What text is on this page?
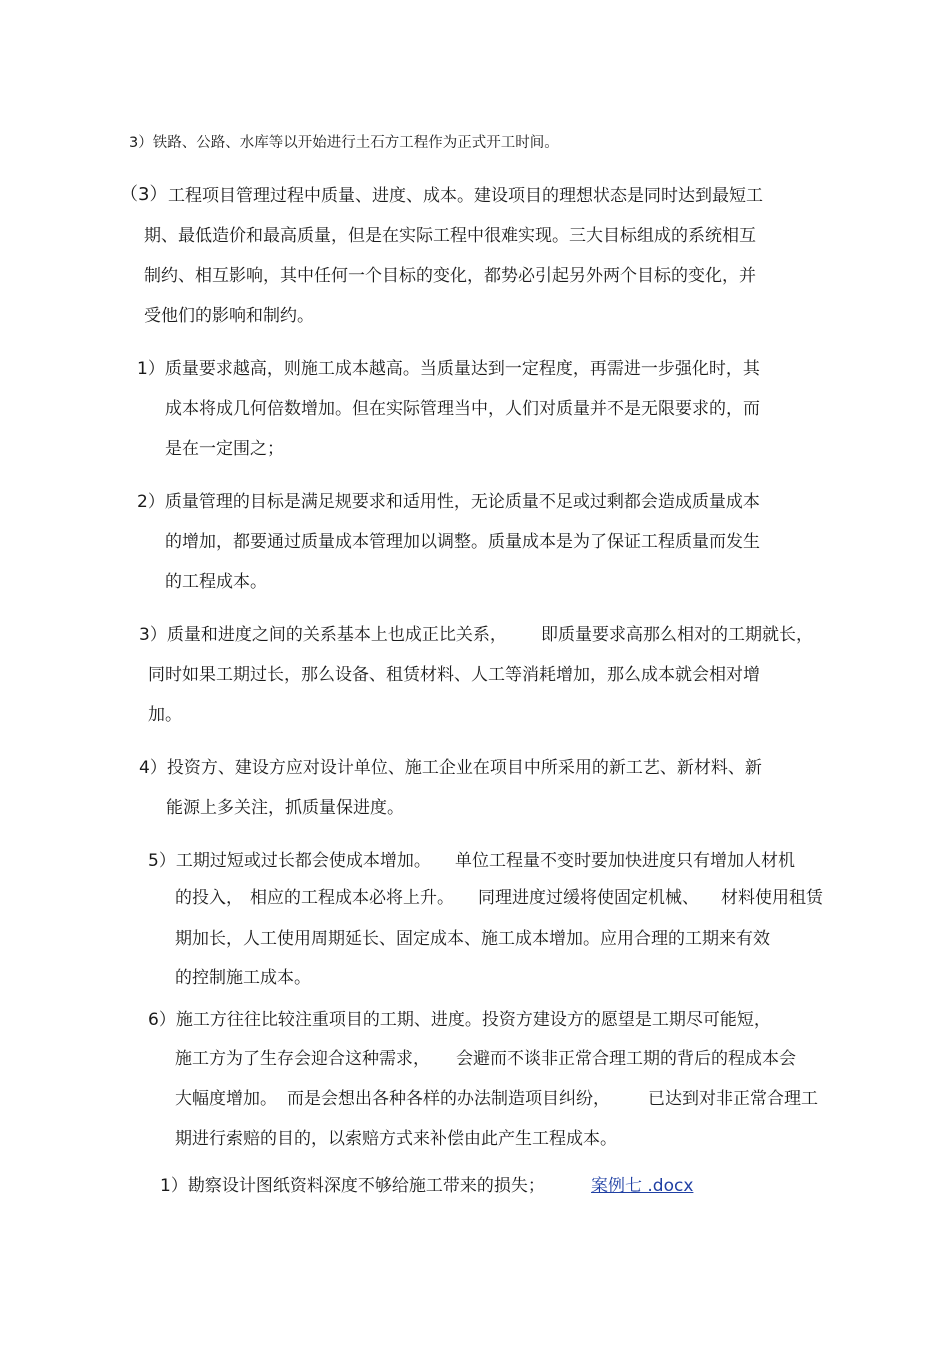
3）铁路、公路、水库等以开始进行土石方工程作为正式开工时间。
（3） 工程项目管理过程中质量、进度、成本。建设项目的理想状态是同时达到最短工
期、最低造价和最高质量，但是在实际工程中很难实现。三大目标组成的系统相互
制约、相互影响，其中任何一个目标的变化，都势必引起另外两个目标的变化，并
受他们的影响和制约。
1）质量要求越高，则施工成本越高。当质量达到一定程度，再需进一步强化时，其
成本将成几何倍数增加。但在实际管理当中，人们对质量并不是无限要求的，而
是在一定围之；
2）质量管理的目标是满足规要求和适用性，无论质量不足或过剩都会造成质量成本
的增加，都要通过质量成本管理加以调整。质量成本是为了保证工程质量而发生
的工程成本。
3）质量和进度之间的关系基本上也成正比关系， 即质量要求高那么相对的工期就长，
同时如果工期过长，那么设备、租赁材料、人工等消耗增加，那么成本就会相对增
加。
4）投资方、建设方应对设计单位、施工企业在项目中所采用的新工艺、新材料、新
能源上多关注，抓质量保进度。
5）工期过短或过长都会使成本增加。 单位工程量不变时要加快进度只有增加人材机
的投入， 相应的工程成本必将上升。 同理进度过缓将使固定机械、 材料使用租赁
期加长，人工使用周期延长、固定成本、施工成本增加。应用合理的工期来有效
的控制施工成本。
6）施工方往往比较注重项目的工期、进度。投资方建设方的愿望是工期尽可能短，
施工方为了生存会迎合这种需求， 会避而不谈非正常合理工期的背后的程成本会
大幅度增加。 而是会想出各种各样的办法制造项目纠纷， 已达到对非正常合理工
期进行索赔的目的，以索赔方式来补偿由此产生工程成本。
1）勘察设计图纸资料深度不够给施工带来的损失；	案例七 .docx
